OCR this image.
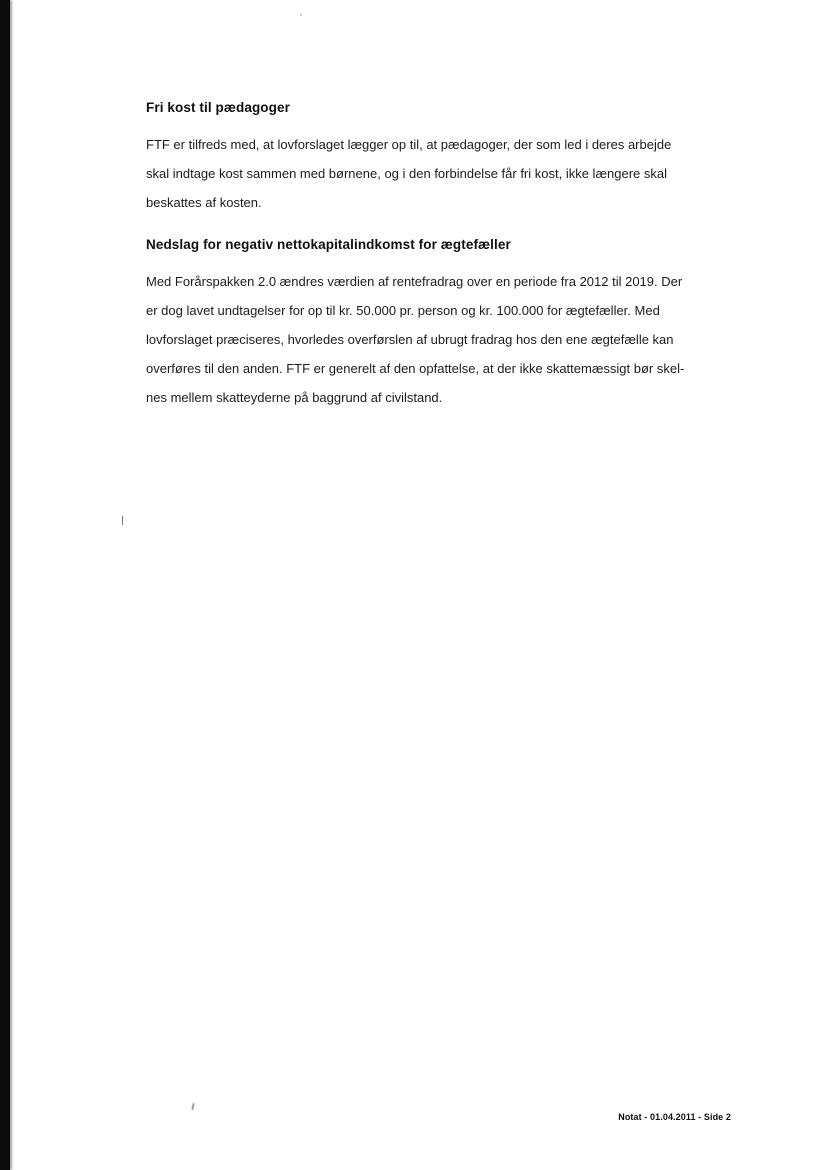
Fri kost til pædagoger
FTF er tilfreds med, at lovforslaget lægger op til, at pædagoger, der som led i deres arbejde
skal indtage kost sammen med børnene, og i den forbindelse får fri kost, ikke længere skal
beskattes af kosten.
Nedslag for negativ nettokapitalindkomst for ægtefæller
Med Forårspakken 2.0 ændres værdien af rentefradrag over en periode fra 2012 til 2019. Der
er dog lavet undtagelser for op til kr. 50.000 pr. person og kr. 100.000 for ægtefæller. Med
lovforslaget præciseres, hvorledes overførslen af ubrugt fradrag hos den ene ægtefælle kan
overføres til den anden. FTF er generelt af den opfattelse, at der ikke skattemæssigt bør skel-
nes mellem skatteyderne på baggrund af civilstand.
Notat - 01.04.2011 - Side 2
